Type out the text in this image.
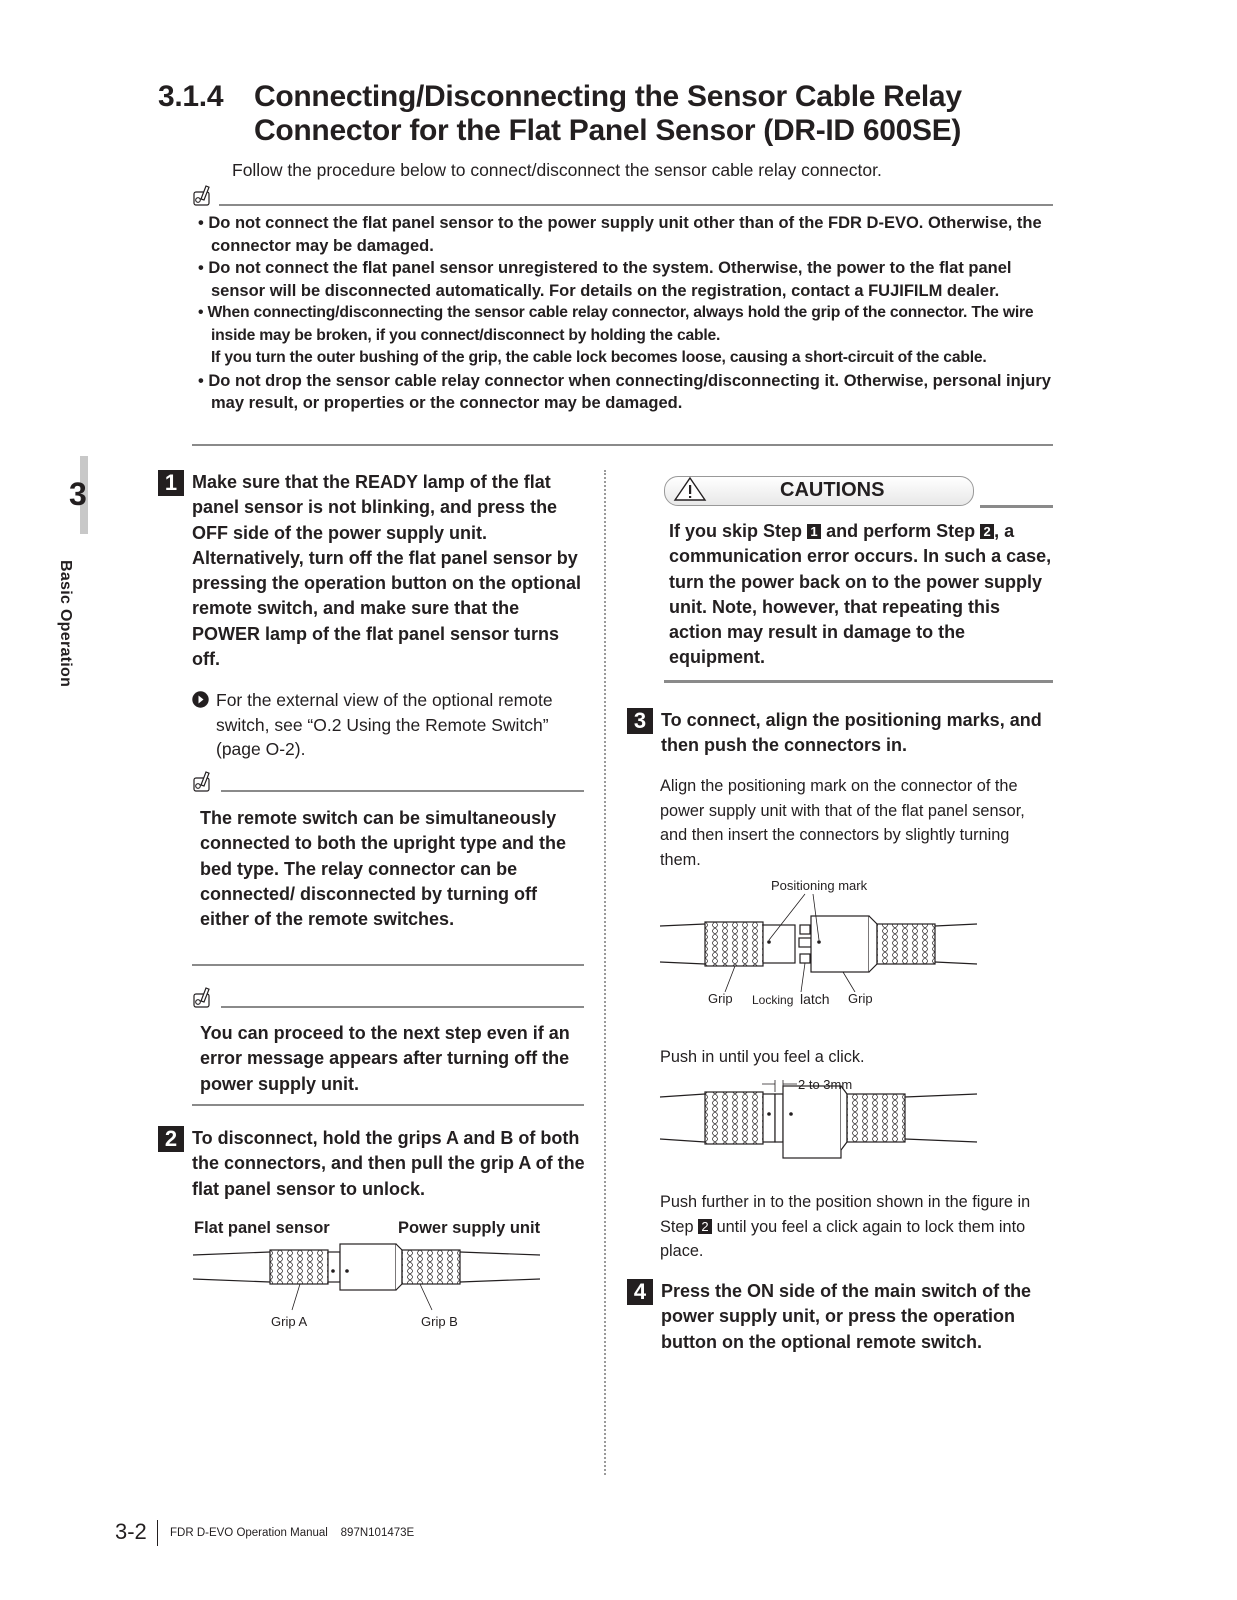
3.1.4 Connecting/Disconnecting the Sensor Cable Relay
Connector for the Flat Panel Sensor (DR-ID 600SE)
Follow the procedure below to connect/disconnect the sensor cable relay connector.
• Do not connect the flat panel sensor to the power supply unit other than of the FDR D-EVO. Otherwise, the connector may be damaged.
• Do not connect the flat panel sensor unregistered to the system. Otherwise, the power to the flat panel sensor will be disconnected automatically. For details on the registration, contact a FUJIFILM dealer.
• When connecting/disconnecting the sensor cable relay connector, always hold the grip of the connector. The wire inside may be broken, if you connect/disconnect by holding the cable.
If you turn the outer bushing of the grip, the cable lock becomes loose, causing a short-circuit of the cable.
• Do not drop the sensor cable relay connector when connecting/disconnecting it. Otherwise, personal injury may result, or properties or the connector may be damaged.
3
Basic Operation
1 Make sure that the READY lamp of the flat panel sensor is not blinking, and press the OFF side of the power supply unit. Alternatively, turn off the flat panel sensor by pressing the operation button on the optional remote switch, and make sure that the POWER lamp of the flat panel sensor turns off.
For the external view of the optional remote switch, see “O.2 Using the Remote Switch” (page O-2).
The remote switch can be simultaneously connected to both the upright type and the bed type. The relay connector can be connected/ disconnected by turning off either of the remote switches.
You can proceed to the next step even if an error message appears after turning off the power supply unit.
2 To disconnect, hold the grips A and B of both the connectors, and then pull the grip A of the flat panel sensor to unlock.
Flat panel sensor	Power supply unit
Grip A	Grip B
CAUTIONS
If you skip Step 1 and perform Step 2 , a communication error occurs. In such a case, turn the power back on to the power supply unit. Note, however, that repeating this action may result in damage to the equipment.
3 To connect, align the positioning marks, and then push the connectors in.
Align the positioning mark on the connector of the power supply unit with that of the flat panel sensor, and then insert the connectors by slightly turning them.
Positioning mark
Grip Locking latch Grip
Push in until you feel a click.
2 to 3mm
Push further in to the position shown in the figure in Step 2 until you feel a click again to lock them into place.
4 Press the ON side of the main switch of the power supply unit, or press the operation button on the optional remote switch.
3-2 FDR D-EVO Operation Manual 897N101473E
